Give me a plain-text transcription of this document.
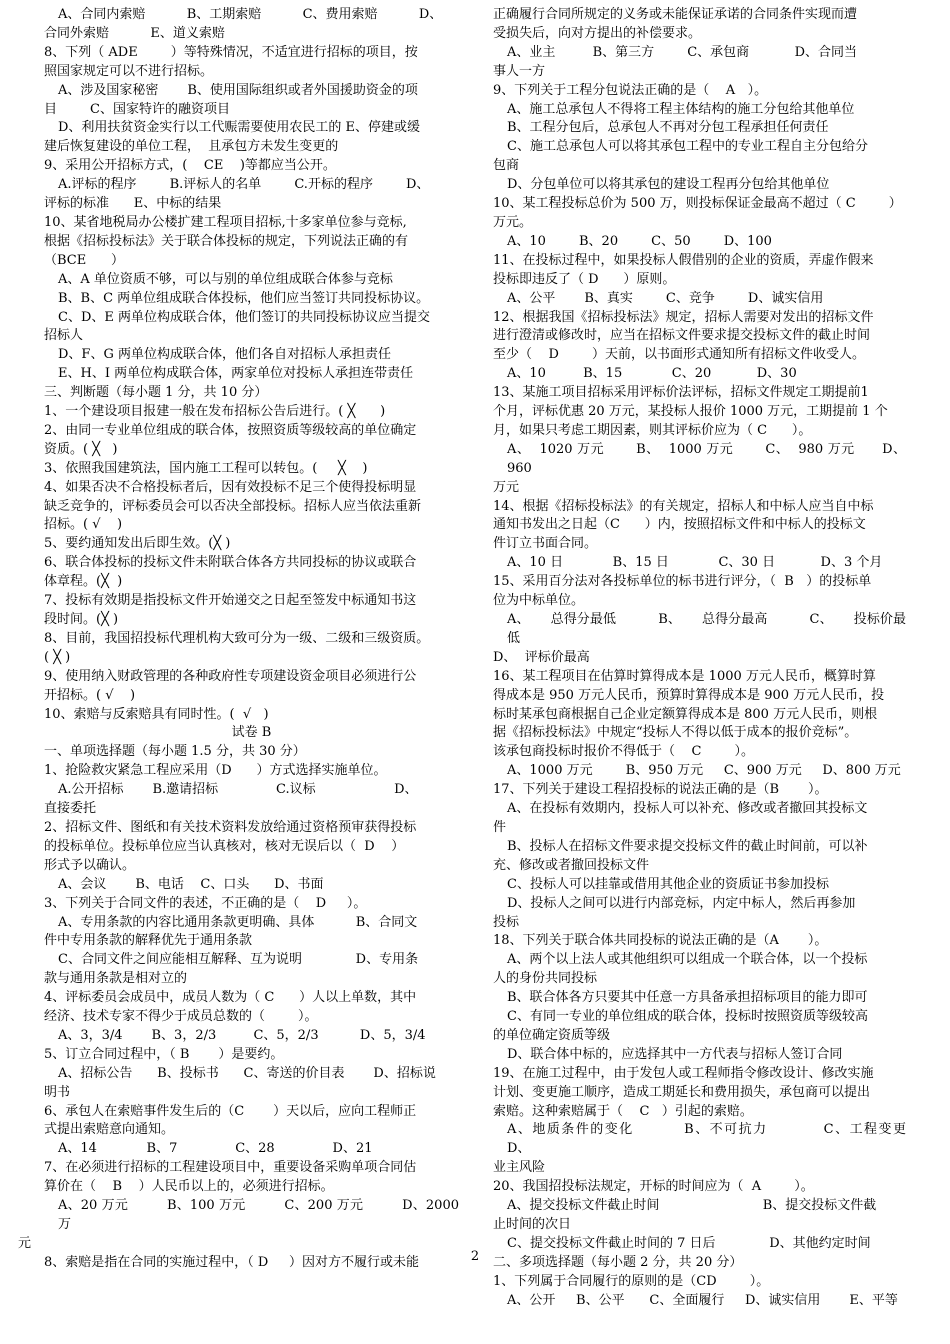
A、合同内索赔          B、工期索赔          C、费用索赔          D、
合同外索赔          E、道义索赔
8、下列（ ADE        ）等特殊情况，不适宜进行招标的项目，按
照国家规定可以不进行招标。
A、涉及国家秘密       B、使用国际组织或者外国援助资金的项
目        C、国家特许的融资项目
D、利用扶贫资金实行以工代赈需要使用农民工的 E、停建或缓
建后恢复建设的单位工程，  且承包方未发生变更的
9、采用公开招标方式，(    CE    )等都应当公开。
A.评标的程序        B.评标人的名单        C.开标的程序        D、
评标的标准      E、中标的结果
10、某省地税局办公楼扩建工程项目招标,十多家单位参与竞标,
根据《招标投标法》关于联合体投标的规定，下列说法正确的有
（BCE      ）
A、A 单位资质不够，可以与别的单位组成联合体参与竞标
B、B、C 两单位组成联合体投标，他们应当签订共同投标协议。
C、D、E 两单位构成联合体，他们签订的共同投标协议应当提交
招标人
D、F、G 两单位构成联合体，他们各自对招标人承担责任
E、H、I 两单位构成联合体，两家单位对投标人承担连带责任
三、判断题（每小题 1 分，共 10 分）
1、一个建设项目报建一般在发布招标公告后进行。( ╳      )
2、由同一专业单位组成的联合体，按照资质等级较高的单位确定
资质。( ╳   )
3、依照我国建筑法，国内施工工程可以转包。(     ╳    )
4、如果否决不合格投标者后，因有效投标不足三个使得投标明显
缺乏竞争的，评标委员会可以否决全部投标。招标人应当依法重新
招标。( √    )
5、要约通知发出后即生效。(╳ )
6、联合体投标的投标文件未附联合体各方共同投标的协议或联合
体章程。(╳  )
7、投标有效期是指投标文件开始递交之日起至签发中标通知书这
段时间。(╳ )
8、目前，我国招投标代理机构大致可分为一级、二级和三级资质。
( ╳ )
9、使用纳入财政管理的各种政府性专项建设资金项目必须进行公
开招标。( √    )
10、索赔与反索赔具有同时性。(  √   )
试卷 B
一、单项选择题（每小题 1.5 分，共 30 分）
1、抢险救灾紧急工程应采用（D      ）方式选择实施单位。
A.公开招标       B.邀请招标              C.议标                   D、
直接委托
2、招标文件、图纸和有关技术资料发放给通过资格预审获得投标
的投标单位。投标单位应当认真核对，核对无误后以（  D    ）
形式予以确认。
A、会议       B、电话    C、口头      D、书面
3、下列关于合同文件的表述，不正确的是（    D     ）。
A、专用条款的内容比通用条款更明确、具体          B、合同文
件中专用条款的解释优先于通用条款
C、合同文件之间应能相互解释、互为说明             D、专用条
款与通用条款是相对立的
4、评标委员会成员中，成员人数为（ C      ）人以上单数，其中
经济、技术专家不得少于成员总数的（        ）。
A、3，3/4       B、3，2/3         C、5，2/3          D、5，3/4
5、订立合同过程中，（ B       ）是要约。
A、招标公告      B、投标书      C、寄送的价目表       D、招标说
明书
6、承包人在索赔事件发生后的（C       ）天以后，应向工程师正
式提出索赔意向通知。
A、14            B、7              C、28              D、21
7、在必须进行招标的工程建设项目中，重要设备采购单项合同估
算价在（    B    ）人民币以上的，必须进行招标。
A、20 万元         B、100 万元         C、200 万元         D、2000 万
元
8、索赔是指在合同的实施过程中，（ D     ）因对方不履行或未能
正确履行合同所规定的义务或未能保证承诺的合同条件实现而遭
受损失后，向对方提出的补偿要求。
A、业主         B、第三方        C、承包商           D、合同当
事人一方
9、下列关于工程分包说法正确的是（    A   ）。
A、施工总承包人不得将工程主体结构的施工分包给其他单位
B、工程分包后，总承包人不再对分包工程承担任何责任
C、施工总承包人可以将其承包工程中的专业工程自主分包给分
包商
D、分包单位可以将其承包的建设工程再分包给其他单位
10、某工程投标总价为 500 万，则投标保证金最高不超过（ C        ）
万元。
A、10        B、20        C、50        D、100
11、在投标过程中，如果投标人假借别的企业的资质，弄虚作假来
投标即违反了（ D      ）原则。
A、公平       B、真实        C、竞争        D、诚实信用
12、根据我国《招标投标法》规定，招标人需要对发出的招标文件
进行澄清或修改时，应当在招标文件要求提交投标文件的截止时间
至少（    D        ）天前，以书面形式通知所有招标文件收受人。
A、10         B、15            C、20           D、30
13、某施工项目招标采用评标价法评标，招标文件规定工期提前1
个月，评标优惠 20 万元，某投标人报价 1000 万元，工期提前 1 个
月，如果只考虑工期因素，则其评标价应为（ C      ）。
A、  1020 万元       B、  1000 万元       C、  980 万元      D、  960
万元
14、根据《招标投标法》的有关规定，招标人和中标人应当自中标
通知书发出之日起（C      ）内，按照招标文件和中标人的投标文
件订立书面合同。
A、10 日            B、15 日            C、30 日           D、3 个月
15、采用百分法对各投标单位的标书进行评分，（  B   ）的投标单
位为中标单位。
A、     总得分最低          B、     总得分最高          C、     投标价最低
D、  评标价最高
16、某工程项目在估算时算得成本是 1000 万元人民币，概算时算
得成本是 950 万元人民币，预算时算得成本是 900 万元人民币，投
标时某承包商根据自己企业定额算得成本是 800 万元人民币，则根
据《招标投标法》中规定“投标人不得以低于成本的报价竞标”。
该承包商投标时报价不得低于（    C        ）。
A、1000 万元        B、950 万元     C、900 万元     D、800 万元
17、下列关于建设工程招投标的说法正确的是（B       ）。
A、在投标有效期内，投标人可以补充、修改或者撤回其投标文
件
B、投标人在招标文件要求提交投标文件的截止时间前，可以补
充、修改或者撤回投标文件
C、投标人可以挂靠或借用其他企业的资质证书参加投标
D、投标人之间可以进行内部竞标，内定中标人，然后再参加
投标
18、下列关于联合体共同投标的说法正确的是（A       ）。
A、两个以上法人或其他组织可以组成一个联合体，以一个投标
人的身份共同投标
B、联合体各方只要其中任意一方具备承担招标项目的能力即可
C、有同一专业的单位组成的联合体，投标时按照资质等级较高
的单位确定资质等级
D、联合体中标的，应选择其中一方代表与招标人签订合同
19、在施工过程中，由于发包人或工程师指令修改设计、修改实施
计划、变更施工顺序，造成工期延长和费用损失，承包商可以提出
索赔。这种索赔属于（    C   ）引起的索赔。
A、地质条件的变化         B、不可抗力          C、工程变更          D、
业主风险
20、我国招投标法规定，开标的时间应为（  A        ）。
A、提交投标文件截止时间                         B、提交投标文件截
止时间的次日
C、提交投标文件截止时间的 7 日后             D、其他约定时间
二、多项选择题（每小题 2 分，共 20 分）
1、下列属于合同履行的原则的是（CD        ）。
A、公开     B、公平      C、全面履行     D、诚实信用       E、平等
2
